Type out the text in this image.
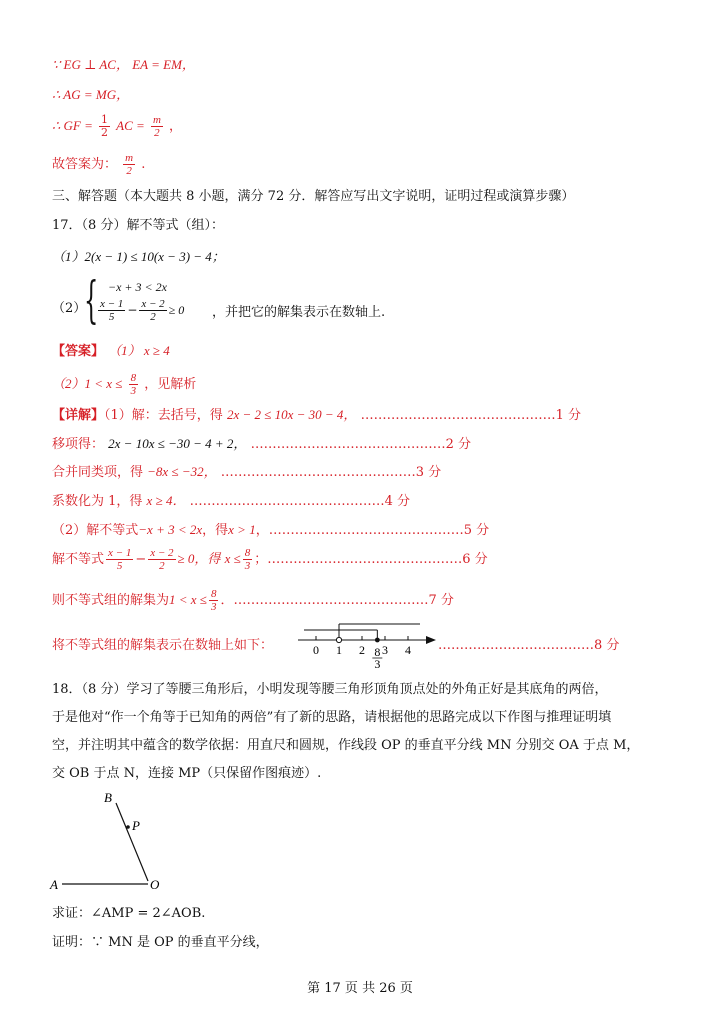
∵ EG ⊥ AC， EA = EM，
∴ AG = MG，
∴ GF = $\frac{1}{2}$ AC = $\frac{m}{2}$ ，
故答案为： $\frac{m}{2}$ .
三、解答题（本大题共 8 小题，满分 72 分．解答应写出文字说明，证明过程或演算步骤）
17．（8 分）解不等式（组）：
（1）2(x − 1) ≤ 10(x − 3) − 4；
（2）
{ −x + 3 < 2x
$\frac{x - 1}{5} - \frac{x - 2}{2} \ge 0$ ，并把它的解集表示在数轴上.
【答案】 （1） x ≥ 4
$(2)1 < x \le \frac{8}{3}$ ，见解析
【详解】（1）解：去括号，得 2x − 2 ≤ 10x − 30 − 4， ………………………………………1 分
移项得： 2x − 10x ≤ −30 − 4 + 2， ………………………………………2 分
合并同类项，得 −8x ≤ −32， ………………………………………3 分
系数化为 1，得 x ≥ 4． ………………………………………4 分
（2）解不等式−x + 3 < 2x，得x > 1，………………………………………5 分
解不等式 $\frac{x - 1}{5} - \frac{x - 2}{2} \ge 0$，得 $x \le \frac{8}{3}$ ；………………………………………6 分
则不等式组的解集为$1 < x \le \frac{8}{3}$ ．………………………………………7 分
将不等式组的解集表示在数轴上如下：	………………………………8 分
0 1 2 3 4
8
3
18．（8 分）学习了等腰三角形后，小明发现等腰三角形顶角顶点处的外角正好是其底角的两倍，
于是他对“作一个角等于已知角的两倍”有了新的思路，请根据他的思路完成以下作图与推理证明填
空，并注明其中蕴含的数学依据：用直尺和圆规，作线段 OP 的垂直平分线 MN 分别交 OA 于点 M，
交 OB 于点 N，连接 MP（只保留作图痕迹）.
B
P
A	O
求证：∠AMP = 2∠AOB.
证明：∵ MN 是 OP 的垂直平分线，
第 17 页 共 26 页
